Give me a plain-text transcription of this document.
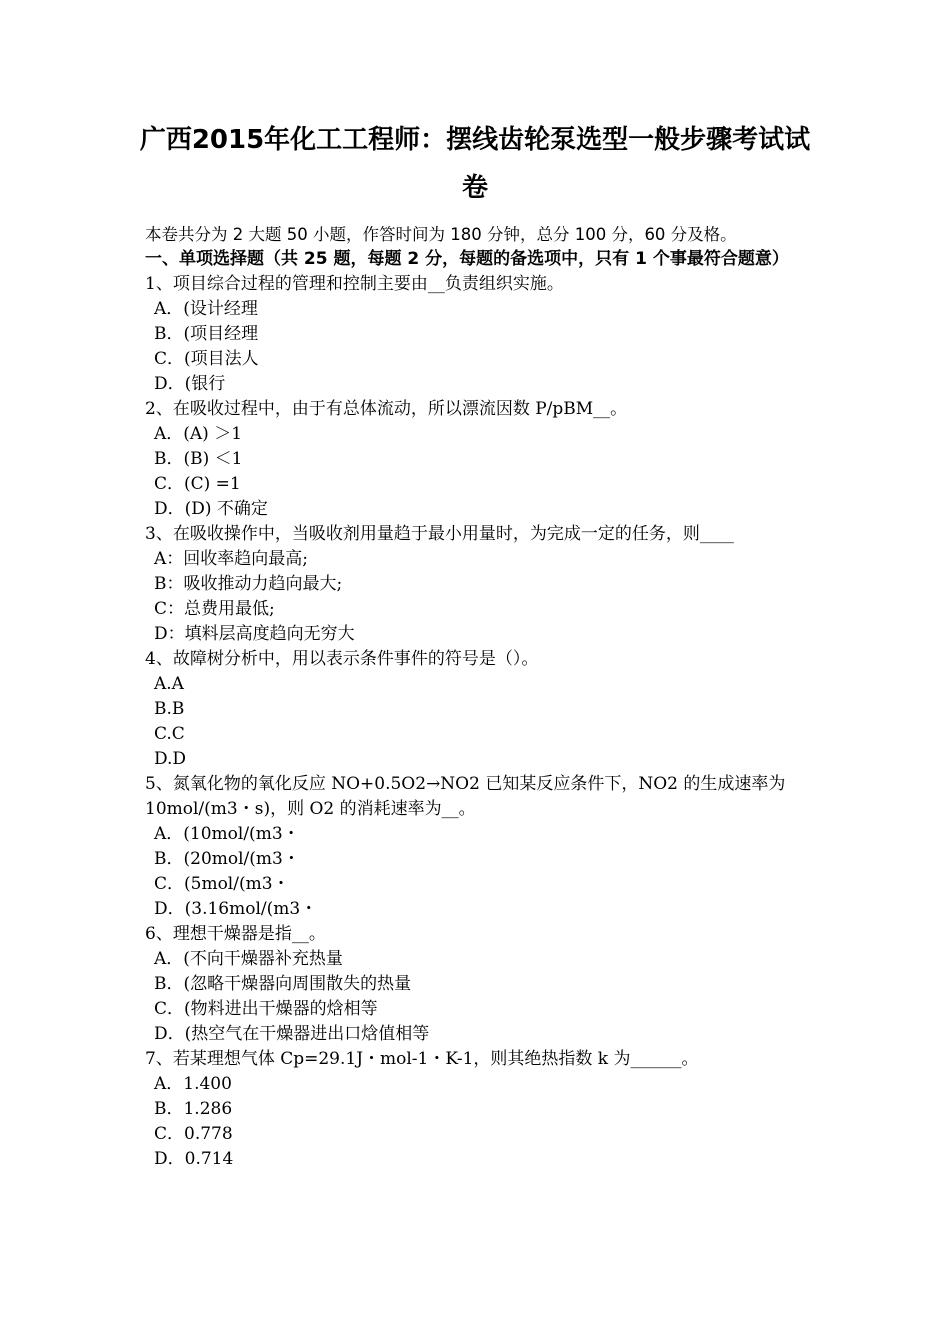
广西2015年化工工程师：摆线齿轮泵选型一般步骤考试试
卷

本卷共分为 2 大题 50 小题，作答时间为 180 分钟，总分 100 分，60 分及格。

一、单项选择题（共 25 题，每题 2 分，每题的备选项中，只有 1 个事最符合题意）

1、项目综合过程的管理和控制主要由__负责组织实施。
A．(设计经理
B．(项目经理
C．(项目法人
D．(银行
2、在吸收过程中，由于有总体流动，所以漂流因数 P/pBM__。
A．(A) ＞1
B．(B) ＜1
C．(C) =1
D．(D) 不确定
3、在吸收操作中，当吸收剂用量趋于最小用量时，为完成一定的任务，则____
A：回收率趋向最高;
B：吸收推动力趋向最大;
C：总费用最低;
D：填料层高度趋向无穷大
4、故障树分析中，用以表示条件事件的符号是（）。
A.A
B.B
C.C
D.D
5、氮氧化物的氧化反应 NO+0.5O2→NO2 已知某反应条件下，NO2 的生成速率为 10mol/(m3・s)，则 O2 的消耗速率为__。
A．(10mol/(m3・
B．(20mol/(m3・
C．(5mol/(m3・
D．(3.16mol/(m3・
6、理想干燥器是指__。
A．(不向干燥器补充热量
B．(忽略干燥器向周围散失的热量
C．(物料进出干燥器的焓相等
D．(热空气在干燥器进出口焓值相等
7、若某理想气体 Cp=29.1J・mol-1・K-1，则其绝热指数 k 为______。
A．1.400
B．1.286
C．0.778
D．0.714
